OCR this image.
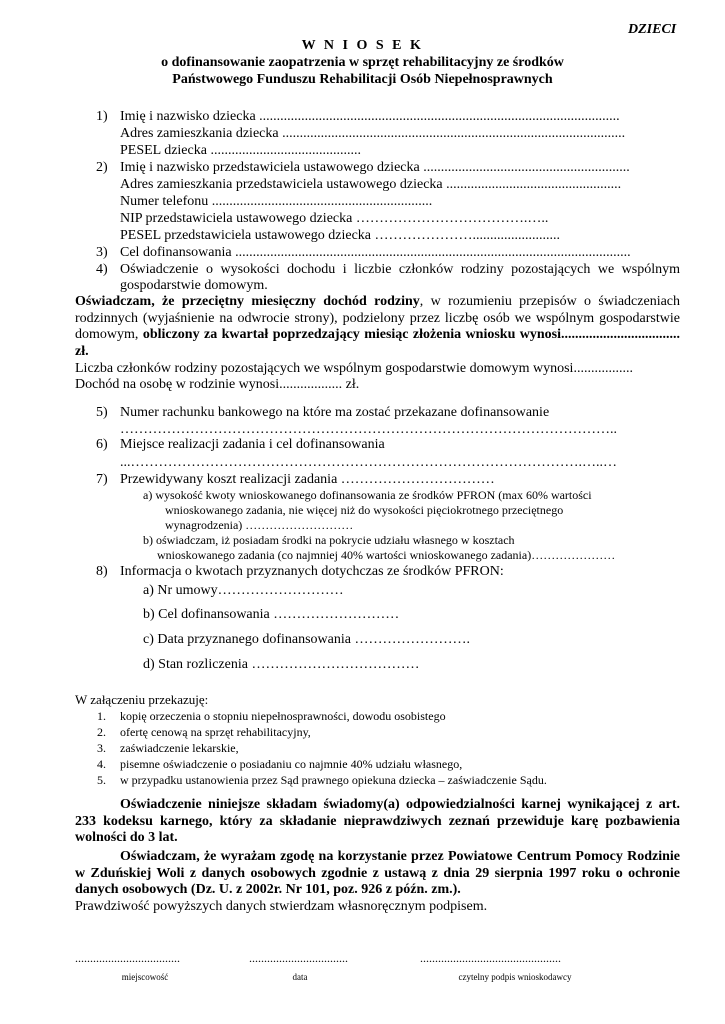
DZIECI
W N I O S E K
o dofinansowanie zaopatrzenia w sprzęt rehabilitacyjny ze środków
Państwowego Funduszu Rehabilitacji Osób Niepełnosprawnych
1) Imię i nazwisko dziecka .......................................................................................................
Adres zamieszkania dziecka ..................................................................................................
PESEL dziecka ...........................................
2) Imię i nazwisko przedstawiciela ustawowego dziecka ...........................................................
Adres zamieszkania przedstawiciela ustawowego dziecka ..................................................
Numer telefonu ...............................................................
NIP przedstawiciela ustawowego dziecka ……………………………….…..
PESEL przedstawiciela ustawowego dziecka ………………….........................
3) Cel dofinansowania .................................................................................................................
4) Oświadczenie o wysokości dochodu i liczbie członków rodziny pozostających we wspólnym
gospodarstwie domowym.
Oświadczam, że przeciętny miesięczny dochód rodziny, w rozumieniu przepisów o świadczeniach rodzinnych (wyjaśnienie na odwrocie strony), podzielony przez liczbę osób we wspólnym gospodarstwie domowym, obliczony za kwartał poprzedzający miesiąc złożenia wniosku wynosi.................................. zł.
Liczba członków rodziny pozostających we wspólnym gospodarstwie domowym wynosi.................
Dochód na osobę w rodzinie wynosi.................. zł.
5) Numer rachunku bankowego na które ma zostać przekazane dofinansowanie
……………………………………………………………………………………………..
6) Miejsce realizacji zadania i cel dofinansowania
...…………………………………………………………………………………….…..…
7) Przewidywany koszt realizacji zadania ……………………………
a) wysokość kwoty wnioskowanego dofinansowania ze środków PFRON (max 60% wartości
wnioskowanego zadania, nie więcej niż do wysokości pięciokrotnego przeciętnego
wynagrodzenia) ………………………
b) oświadczam, iż posiadam środki na pokrycie udziału własnego w kosztach
wnioskowanego zadania (co najmniej 40% wartości wnioskowanego zadania)…………………
8) Informacja o kwotach przyznanych dotychczas ze środków PFRON:
a) Nr umowy………………………
b) Cel dofinansowania ………………………
c) Data przyznanego dofinansowania …………………….
d) Stan rozliczenia ………………………………
W załączeniu przekazuję:
1. kopię orzeczenia o stopniu niepełnosprawności, dowodu osobistego
2. ofertę cenową na sprzęt rehabilitacyjny,
3. zaświadczenie lekarskie,
4. pisemne oświadczenie o posiadaniu co najmnie 40% udziału własnego,
5. w przypadku ustanowienia przez Sąd prawnego opiekuna dziecka – zaświadczenie Sądu.
Oświadczenie niniejsze składam świadomy(a) odpowiedzialności karnej wynikającej z art. 233 kodeksu karnego, który za składanie nieprawdziwych zeznań przewiduje karę pozbawienia wolności do 3 lat.
Oświadczam, że wyrażam zgodę na korzystanie przez Powiatowe Centrum Pomocy Rodzinie w Zduńskiej Woli z danych osobowych zgodnie z ustawą z dnia 29 sierpnia 1997 roku o ochronie danych osobowych (Dz. U. z 2002r. Nr 101, poz. 926 z późn. zm.).
Prawdziwość powyższych danych stwierdzam własnoręcznym podpisem.
...................................	.................................	...............................................
miejscowość	data	czytelny podpis wnioskodawcy
